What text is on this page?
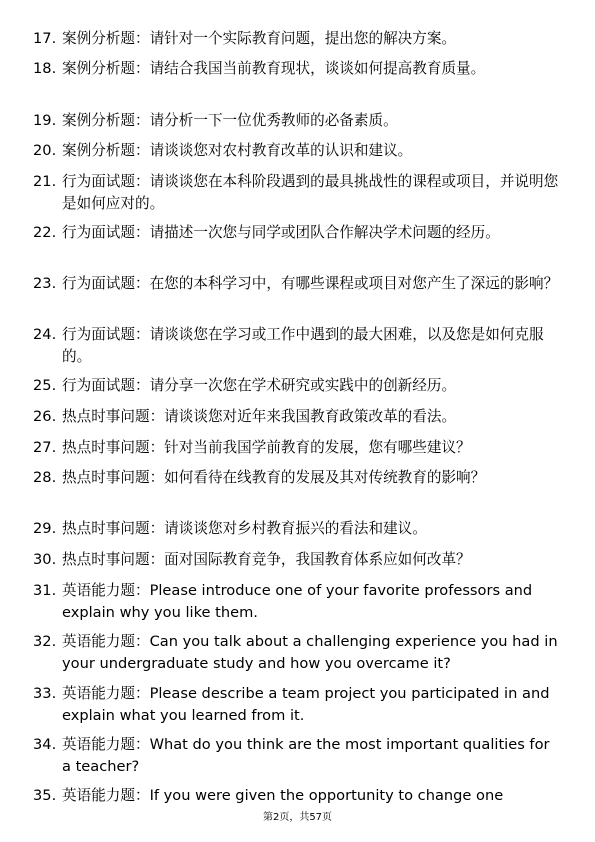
17. 案例分析题：请针对一个实际教育问题，提出您的解决方案。
18. 案例分析题：请结合我国当前教育现状，谈谈如何提高教育质量。
19. 案例分析题：请分析一下一位优秀教师的必备素质。
20. 案例分析题：请谈谈您对农村教育改革的认识和建议。
21. 行为面试题：请谈谈您在本科阶段遇到的最具挑战性的课程或项目，并说明您是如何应对的。
22. 行为面试题：请描述一次您与同学或团队合作解决学术问题的经历。
23. 行为面试题：在您的本科学习中，有哪些课程或项目对您产生了深远的影响？
24. 行为面试题：请谈谈您在学习或工作中遇到的最大困难，以及您是如何克服的。
25. 行为面试题：请分享一次您在学术研究或实践中的创新经历。
26. 热点时事问题：请谈谈您对近年来我国教育政策改革的看法。
27. 热点时事问题：针对当前我国学前教育的发展，您有哪些建议？
28. 热点时事问题：如何看待在线教育的发展及其对传统教育的影响？
29. 热点时事问题：请谈谈您对乡村教育振兴的看法和建议。
30. 热点时事问题：面对国际教育竞争，我国教育体系应如何改革？
31. 英语能力题：Please introduce one of your favorite professors and explain why you like them.
32. 英语能力题：Can you talk about a challenging experience you had in your undergraduate study and how you overcame it?
33. 英语能力题：Please describe a team project you participated in and explain what you learned from it.
34. 英语能力题：What do you think are the most important qualities for a teacher?
35. 英语能力题：If you were given the opportunity to change one
第2页，共57页
